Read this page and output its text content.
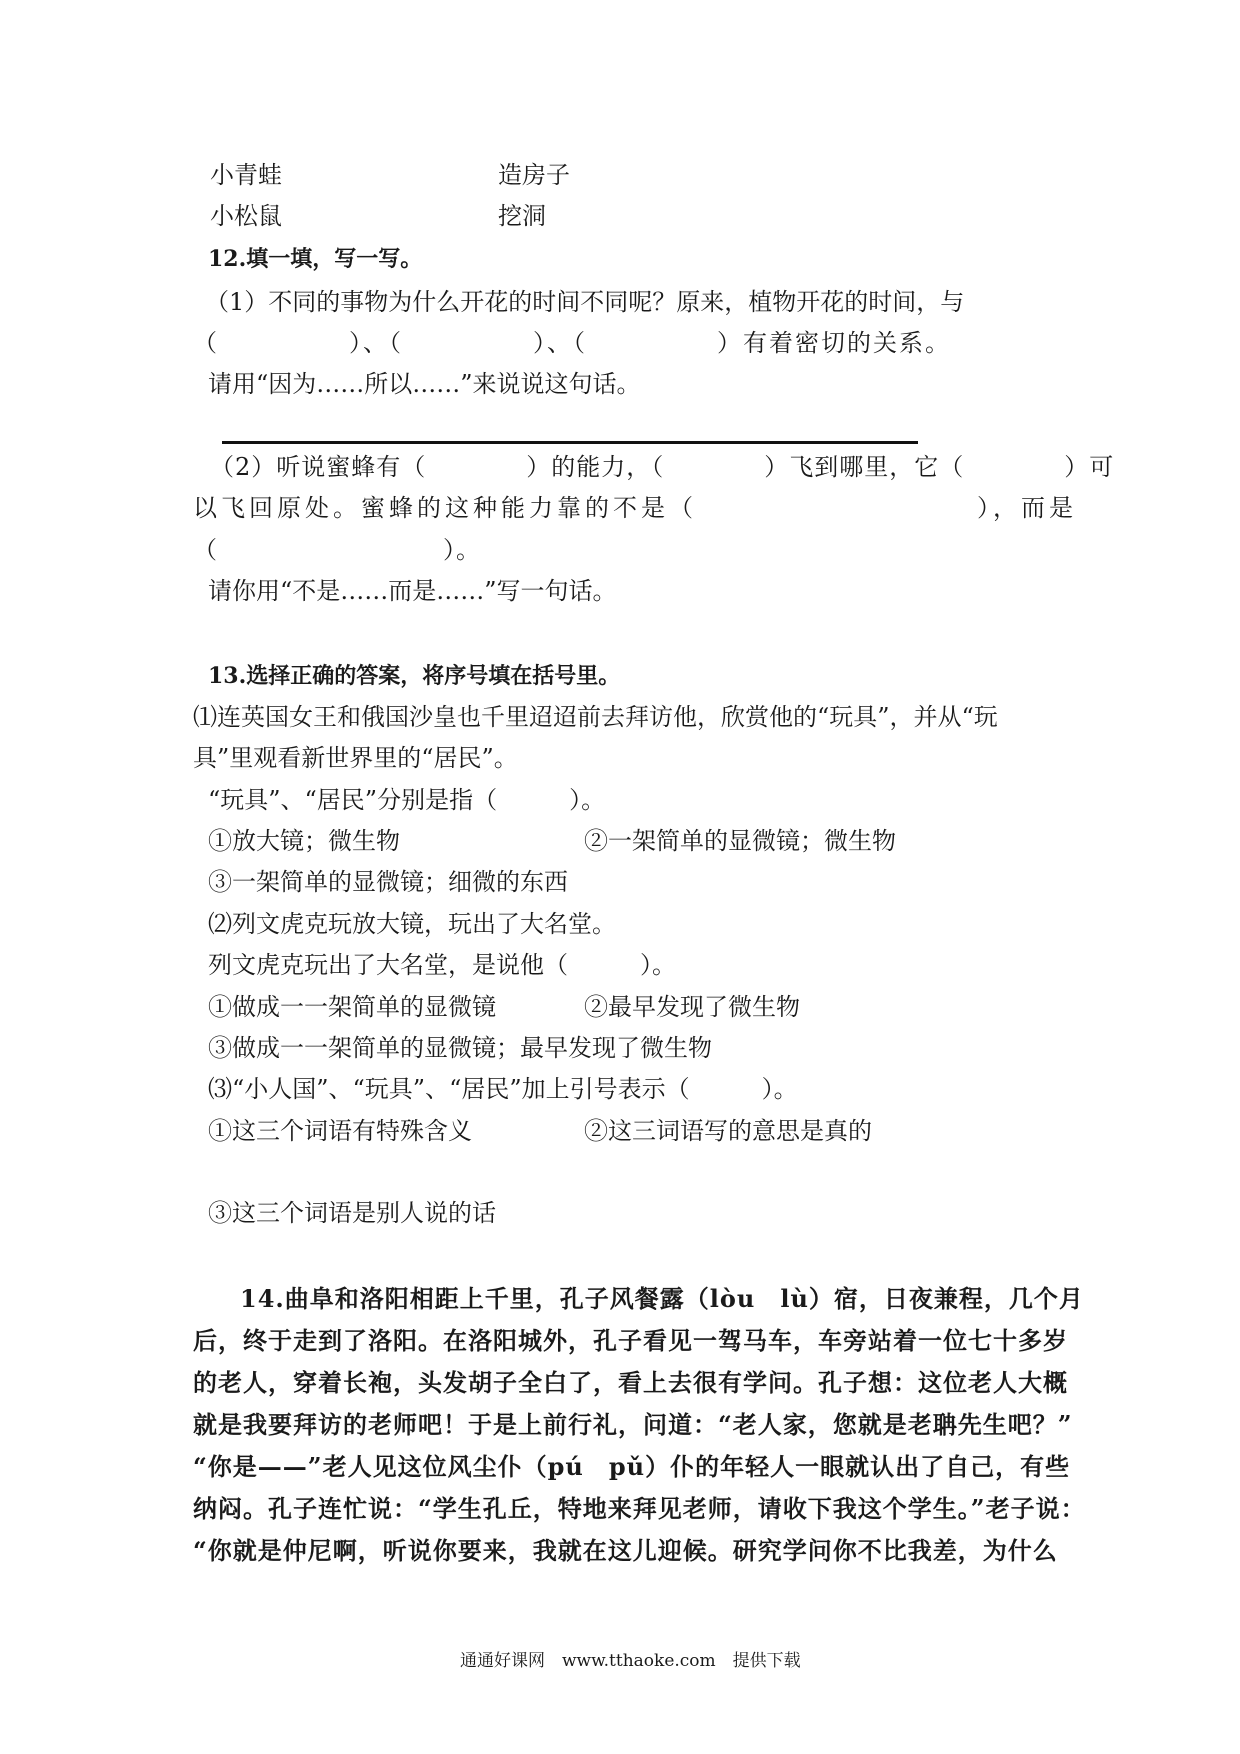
小青蛙	造房子
小松鼠	挖洞
12.填一填，写一写。
（1）不同的事物为什么开花的时间不同呢？原来，植物开花的时间，与
（　　　　　）、（　　　　　）、（　　　　　）有着密切的关系。
请用“因为……所以……”来说说这句话。
（2）听说蜜蜂有（　　　　）的能力，（　　　　）飞到哪里，它（　　　　）可
以飞回原处。蜜蜂的这种能力靠的不是（　　　　　　　　　　），而是
（　　　　　　　　　）。
请你用“不是……而是……”写一句话。
13.选择正确的答案，将序号填在括号里。
⑴连英国女王和俄国沙皇也千里迢迢前去拜访他，欣赏他的“玩具”，并从“玩
具”里观看新世界里的“居民”。
“玩具”、“居民”分别是指（　　　）。
①放大镜；微生物	②一架简单的显微镜；微生物
③一架简单的显微镜；细微的东西
⑵列文虎克玩放大镜，玩出了大名堂。
列文虎克玩出了大名堂，是说他（　　　）。
①做成一一架简单的显微镜	②最早发现了微生物
③做成一一架简单的显微镜；最早发现了微生物
⑶“小人国”、“玩具”、“居民”加上引号表示（　　　）。
①这三个词语有特殊含义	②这三词语写的意思是真的
③这三个词语是别人说的话
14.曲阜和洛阳相距上千里，孔子风餐露（lòu　lù）宿，日夜兼程，几个月
后，终于走到了洛阳。在洛阳城外，孔子看见一驾马车，车旁站着一位七十多岁
的老人，穿着长袍，头发胡子全白了，看上去很有学问。孔子想：这位老人大概
就是我要拜访的老师吧！于是上前行礼，问道：“老人家，您就是老聃先生吧？”
“你是——”老人见这位风尘仆（pú　pǔ）仆的年轻人一眼就认出了自己，有些
纳闷。孔子连忙说：“学生孔丘，特地来拜见老师，请收下我这个学生。”老子说：
“你就是仲尼啊，听说你要来，我就在这儿迎候。研究学问你不比我差，为什么
通通好课网　www.tthaoke.com　提供下载
